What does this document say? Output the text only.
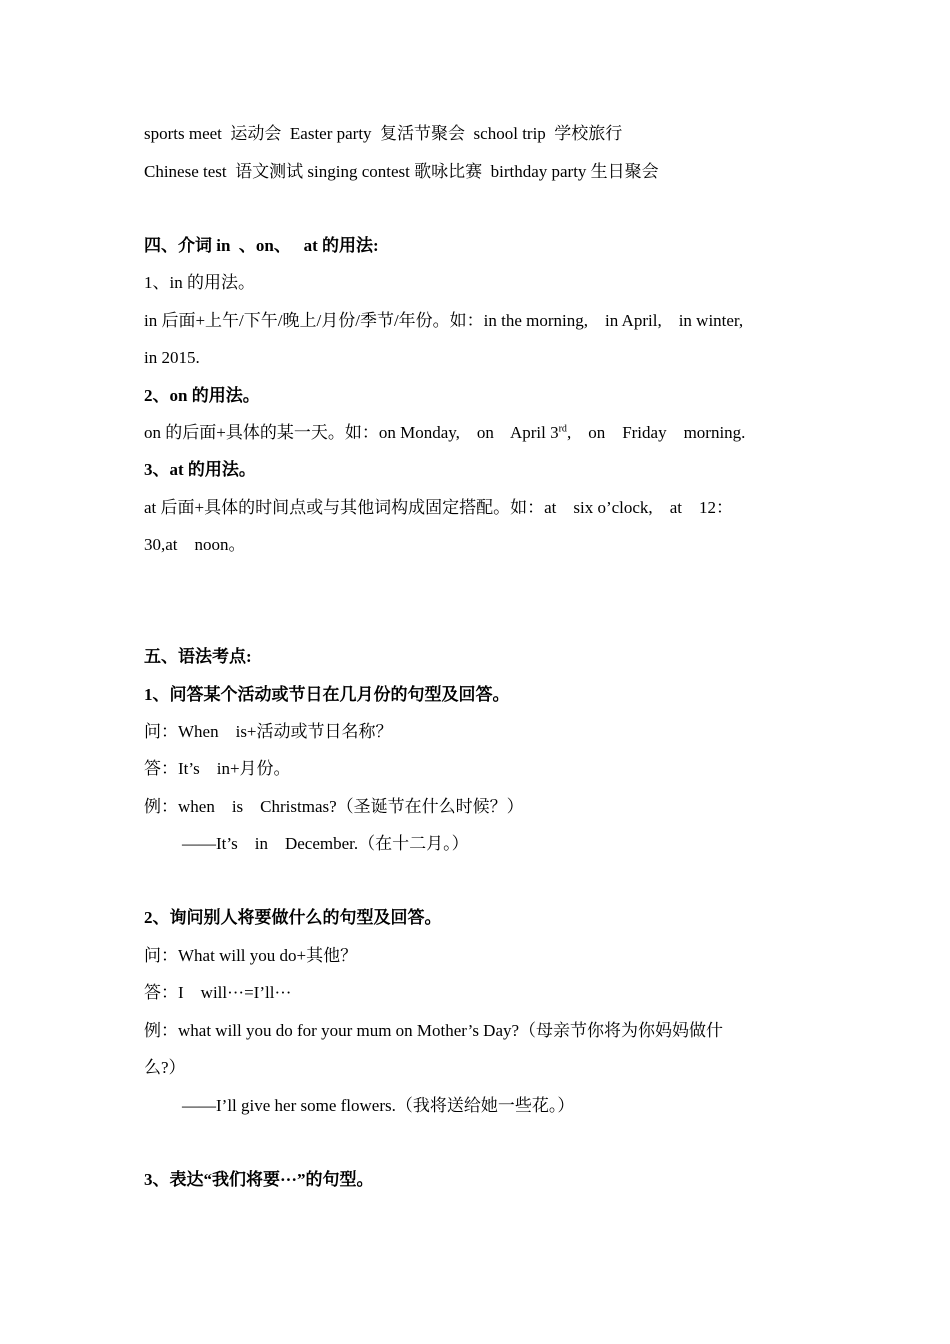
sports meet  运动会  Easter party  复活节聚会  school trip  学校旅行
Chinese test  语文测试 singing contest 歌咏比赛  birthday party 生日聚会
四、介词 in  、on、   at 的用法:
1、in 的用法。
in 后面+上午/下午/晚上/月份/季节/年份。如：in the morning,    in April,    in winter,
in 2015.
2、on 的用法。
on 的后面+具体的某一天。如：on Monday,    on    April 3rd,    on    Friday    morning.
3、at 的用法。
at 后面+具体的时间点或与其他词构成固定搭配。如：at    six o’clock,    at    12：
30,at    noon。
五、语法考点:
1、问答某个活动或节日在几月份的句型及回答。
问：When    is+活动或节日名称？
答：It’s    in+月份。
例：when    is    Christmas?（圣诞节在什么时候？）
——It’s    in    December.（在十二月。）
2、询问别人将要做什么的句型及回答。
问：What will you do+其他？
答：I    will···=I’ll···
例：what will you do for your mum on Mother’s Day?（母亲节你将为你妈妈做什
么?）
——I’ll give her some flowers.（我将送给她一些花。）
3、表达“我们将要···”的句型。
